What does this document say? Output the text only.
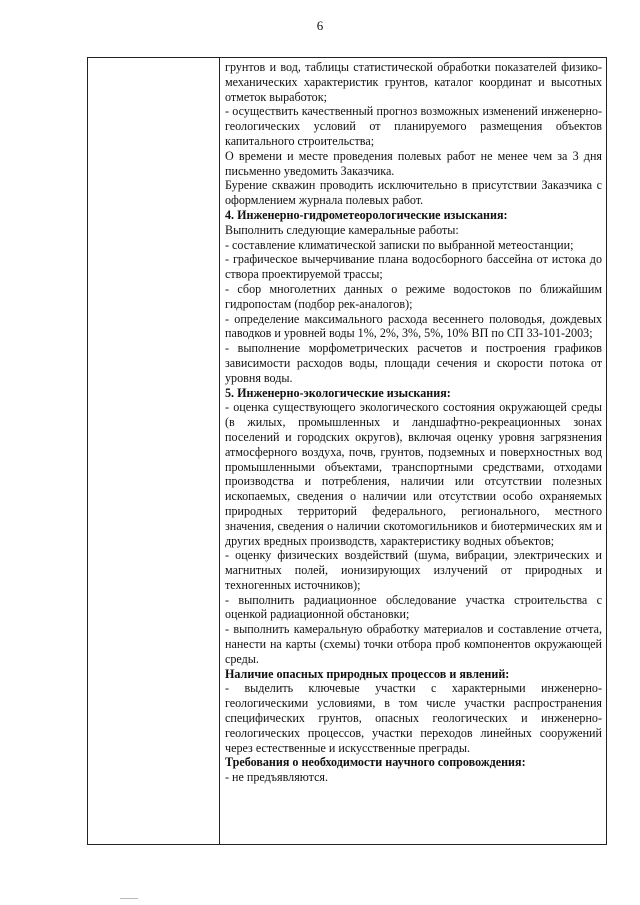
6

грунтов и вод, таблицы статистической обработки показателей физико-механических характеристик грунтов, каталог координат и высотных отметок выработок;

- осуществить качественный прогноз возможных изменений инженерно-геологических условий от планируемого размещения объектов капитального строительства;

О времени и месте проведения полевых работ не менее чем за 3 дня письменно уведомить Заказчика.

Бурение скважин проводить исключительно в присутствии Заказчика с оформлением журнала полевых работ.

4. Инженерно-гидрометеорологические изыскания:

Выполнить следующие камеральные работы:

- составление климатической записки по выбранной метеостанции;

- графическое вычерчивание плана водосборного бассейна от истока до створа проектируемой трассы;

- сбор многолетних данных о режиме водостоков по ближайшим гидропостам (подбор рек-аналогов);

- определение максимального расхода весеннего половодья, дождевых паводков и уровней воды 1%, 2%, 3%, 5%, 10% ВП по СП 33-101-2003;

- выполнение морфометрических расчетов и построения графиков зависимости расходов воды, площади сечения и скорости потока от уровня воды.

5. Инженерно-экологические изыскания:

- оценка существующего экологического состояния окружающей среды (в жилых, промышленных и ландшафтно-рекреационных зонах поселений и городских округов), включая оценку уровня загрязнения атмосферного воздуха, почв, грунтов, подземных и поверхностных вод промышленными объектами, транспортными средствами, отходами производства и потребления, наличии или отсутствии полезных ископаемых, сведения о наличии или отсутствии особо охраняемых природных территорий федерального, регионального, местного значения, сведения о наличии скотомогильников и биотермических ям и других вредных производств, характеристику водных объектов;

- оценку физических воздействий (шума, вибрации, электрических и магнитных полей, ионизирующих излучений от природных и техногенных источников);

- выполнить радиационное обследование участка строительства с оценкой радиационной обстановки;

- выполнить камеральную обработку материалов и составление отчета, нанести на карты (схемы) точки отбора проб компонентов окружающей среды.

Наличие опасных природных процессов и явлений:

- выделить ключевые участки с характерными инженерно-геологическими условиями, в том числе участки распространения специфических грунтов, опасных геологических и инженерно-геологических процессов, участки переходов линейных сооружений через естественные и искусственные преграды.

Требования о необходимости научного сопровождения:

- не предъявляются.
